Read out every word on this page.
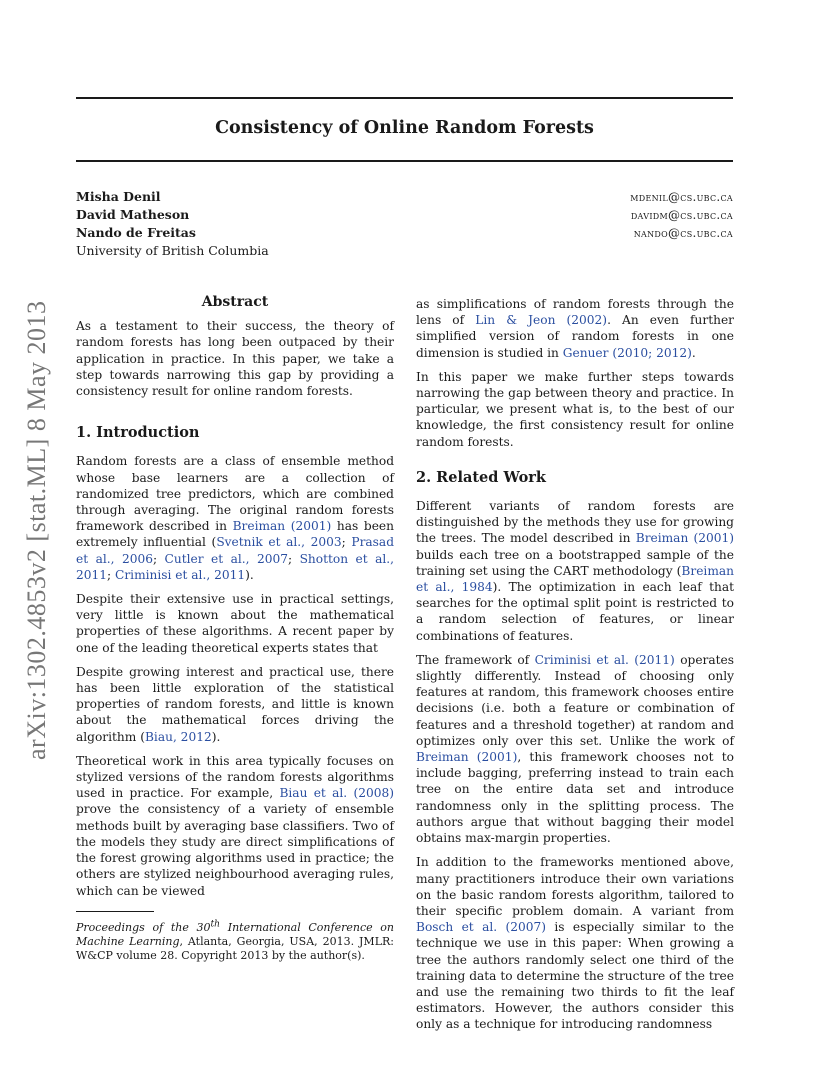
arXiv:1302.4853v2 [stat.ML] 8 May 2013
Consistency of Online Random Forests
Misha Denil	mdenil@cs.ubc.ca
David Matheson	davidm@cs.ubc.ca
Nando de Freitas	nando@cs.ubc.ca
University of British Columbia
Abstract

As a testament to their success, the theory of random forests has long been outpaced by their application in practice. In this paper, we take a step towards narrowing this gap by providing a consistency result for online random forests.

1. Introduction

Random forests are a class of ensemble method whose base learners are a collection of randomized tree predictors, which are combined through averaging. The original random forests framework described in Breiman (2001) has been extremely influential (Svetnik et al., 2003; Prasad et al., 2006; Cutler et al., 2007; Shotton et al., 2011; Criminisi et al., 2011).

Despite their extensive use in practical settings, very little is known about the mathematical properties of these algorithms. A recent paper by one of the leading theoretical experts states that

Despite growing interest and practical use, there has been little exploration of the statistical properties of random forests, and little is known about the mathematical forces driving the algorithm (Biau, 2012).

Theoretical work in this area typically focuses on stylized versions of the random forests algorithms used in practice. For example, Biau et al. (2008) prove the consistency of a variety of ensemble methods built by averaging base classifiers. Two of the models they study are direct simplifications of the forest growing algorithms used in practice; the others are stylized neighbourhood averaging rules, which can be viewed

Proceedings of the 30th International Conference on Machine Learning, Atlanta, Georgia, USA, 2013. JMLR: W&CP volume 28. Copyright 2013 by the author(s).

as simplifications of random forests through the lens of Lin & Jeon (2002). An even further simplified version of random forests in one dimension is studied in Genuer (2010; 2012).

In this paper we make further steps towards narrowing the gap between theory and practice. In particular, we present what is, to the best of our knowledge, the first consistency result for online random forests.

2. Related Work

Different variants of random forests are distinguished by the methods they use for growing the trees. The model described in Breiman (2001) builds each tree on a bootstrapped sample of the training set using the CART methodology (Breiman et al., 1984). The optimization in each leaf that searches for the optimal split point is restricted to a random selection of features, or linear combinations of features.

The framework of Criminisi et al. (2011) operates slightly differently. Instead of choosing only features at random, this framework chooses entire decisions (i.e. both a feature or combination of features and a threshold together) at random and optimizes only over this set. Unlike the work of Breiman (2001), this framework chooses not to include bagging, preferring instead to train each tree on the entire data set and introduce randomness only in the splitting process. The authors argue that without bagging their model obtains max-margin properties.

In addition to the frameworks mentioned above, many practitioners introduce their own variations on the basic random forests algorithm, tailored to their specific problem domain. A variant from Bosch et al. (2007) is especially similar to the technique we use in this paper: When growing a tree the authors randomly select one third of the training data to determine the structure of the tree and use the remaining two thirds to fit the leaf estimators. However, the authors consider this only as a technique for introducing randomness
